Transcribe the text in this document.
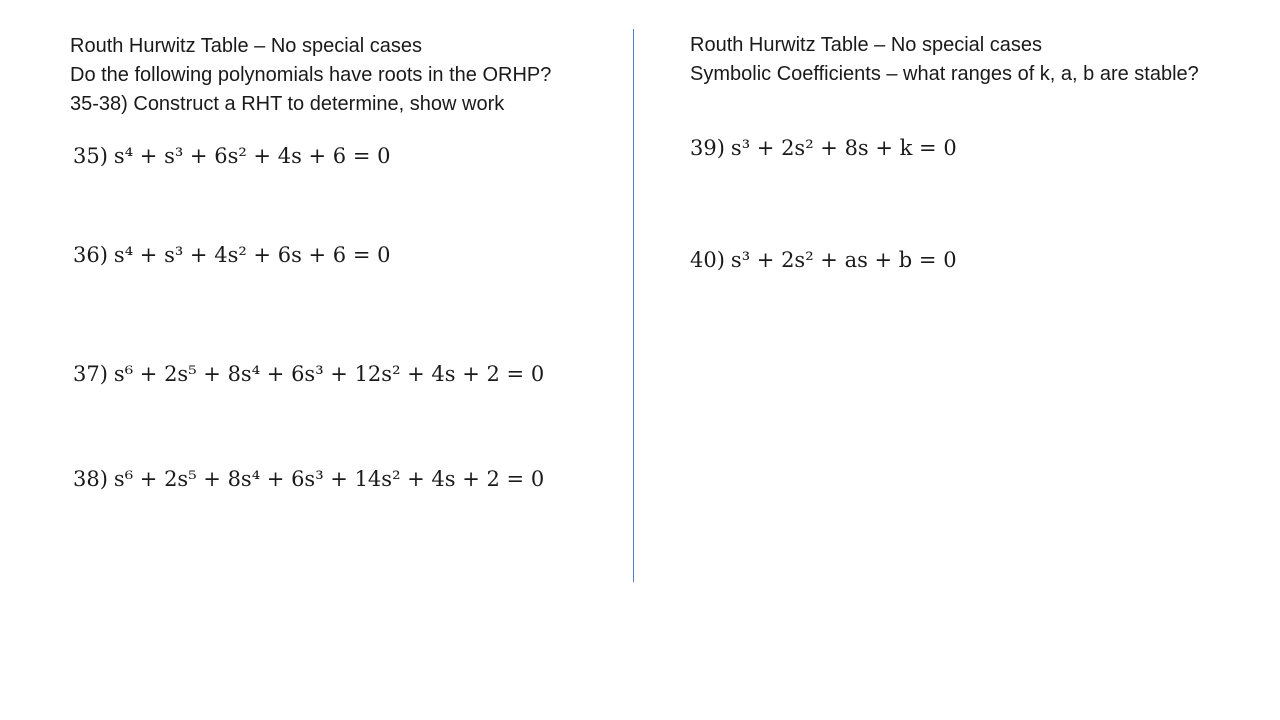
Routh Hurwitz Table – No special cases
Do the following polynomials have roots in the ORHP?
35-38) Construct a RHT to determine, show work
Routh Hurwitz Table – No special cases
Symbolic Coefficients – what ranges of k, a, b are stable?
35) s⁴ + s³ + 6s² + 4s + 6 = 0
36) s⁴ + s³ + 4s² + 6s + 6 = 0
37) s⁶ + 2s⁵ + 8s⁴ + 6s³ + 12s² + 4s + 2 = 0
38) s⁶ + 2s⁵ + 8s⁴ + 6s³ + 14s² + 4s + 2 = 0
39) s³ + 2s² + 8s + k = 0
40) s³ + 2s² + as + b = 0
